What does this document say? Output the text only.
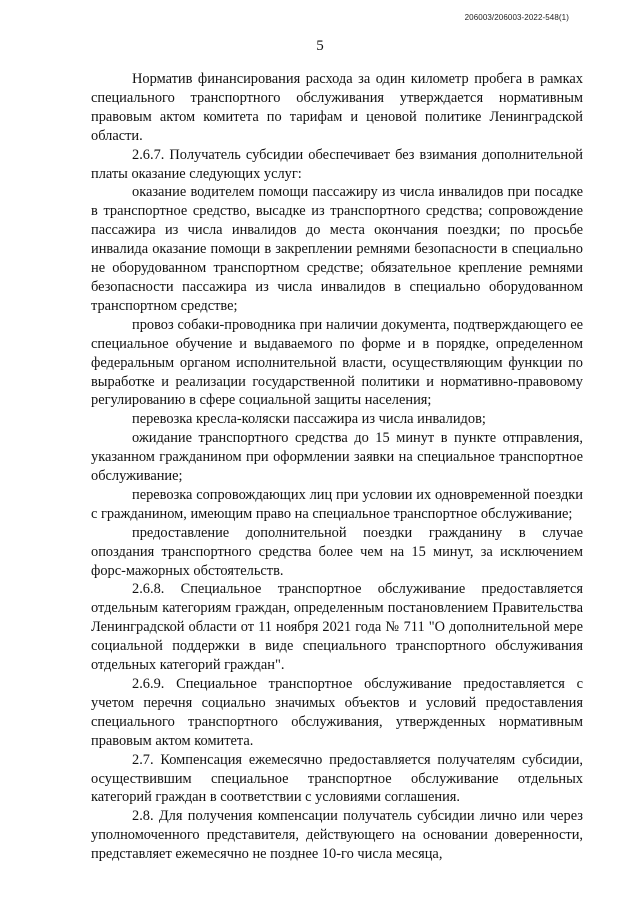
206003/206003-2022-548(1)
5

Норматив финансирования расхода за один километр пробега в рамках специального транспортного обслуживания утверждается нормативным правовым актом комитета по тарифам и ценовой политике Ленинградской области.

2.6.7. Получатель субсидии обеспечивает без взимания дополнительной платы оказание следующих услуг:

оказание водителем помощи пассажиру из числа инвалидов при посадке в транспортное средство, высадке из транспортного средства; сопровождение пассажира из числа инвалидов до места окончания поездки; по просьбе инвалида оказание помощи в закреплении ремнями безопасности в специально не оборудованном транспортном средстве; обязательное крепление ремнями безопасности пассажира из числа инвалидов в специально оборудованном транспортном средстве;

провоз собаки-проводника при наличии документа, подтверждающего ее специальное обучение и выдаваемого по форме и в порядке, определенном федеральным органом исполнительной власти, осуществляющим функции по выработке и реализации государственной политики и нормативно-правовому регулированию в сфере социальной защиты населения;

перевозка кресла-коляски пассажира из числа инвалидов;

ожидание транспортного средства до 15 минут в пункте отправления, указанном гражданином при оформлении заявки на специальное транспортное обслуживание;

перевозка сопровождающих лиц при условии их одновременной поездки с гражданином, имеющим право на специальное транспортное обслуживание;

предоставление дополнительной поездки гражданину в случае опоздания транспортного средства более чем на 15 минут, за исключением форс-мажорных обстоятельств.

2.6.8. Специальное транспортное обслуживание предоставляется отдельным категориям граждан, определенным постановлением Правительства Ленинградской области от 11 ноября 2021 года № 711 "О дополнительной мере социальной поддержки в виде специального транспортного обслуживания отдельных категорий граждан".

2.6.9. Специальное транспортное обслуживание предоставляется с учетом перечня социально значимых объектов и условий предоставления специального транспортного обслуживания, утвержденных нормативным правовым актом комитета.

2.7. Компенсация ежемесячно предоставляется получателям субсидии, осуществившим специальное транспортное обслуживание отдельных категорий граждан в соответствии с условиями соглашения.

2.8. Для получения компенсации получатель субсидии лично или через уполномоченного представителя, действующего на основании доверенности, представляет ежемесячно не позднее 10-го числа месяца,
